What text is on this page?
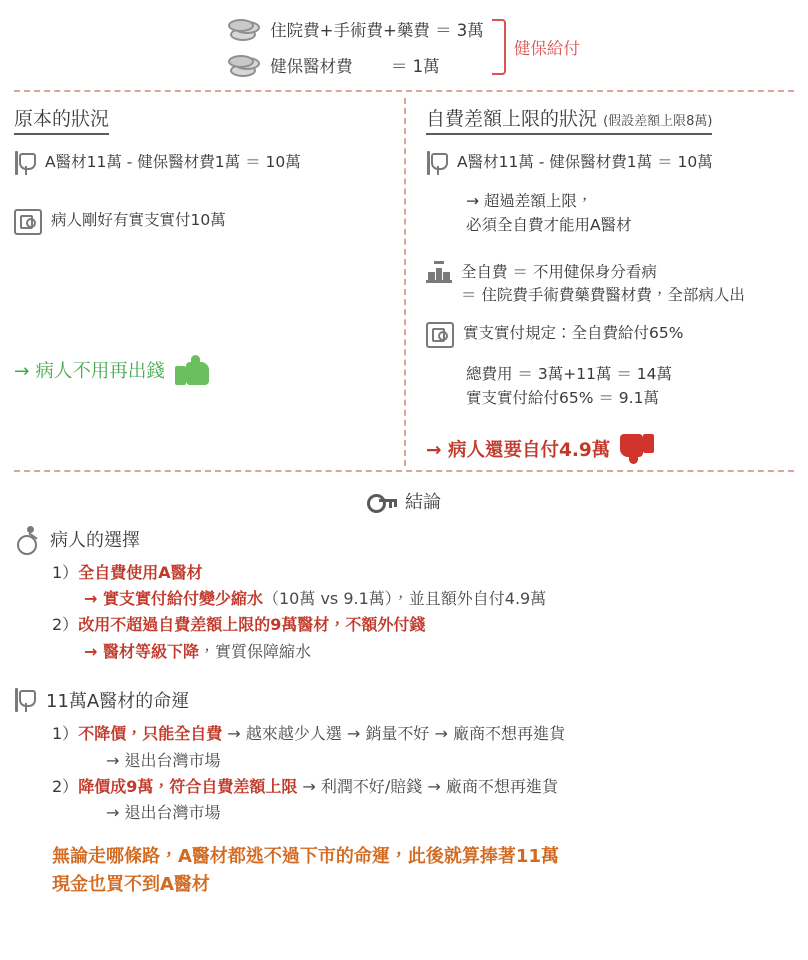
住院費+手術費+藥費 ＝ 3萬
健保醫材費　　 ＝ 1萬
健保給付
原本的狀況
A醫材11萬 - 健保醫材費1萬 ＝ 10萬
病人剛好有實支實付10萬
→ 病人不用再出錢
自費差額上限的狀況 (假設差額上限8萬)
A醫材11萬 - 健保醫材費1萬 ＝ 10萬
→ 超過差額上限，
必須全自費才能用A醫材
全自費 ＝ 不用健保身分看病
＝ 住院費手術費藥費醫材費，全部病人出
實支實付規定：全自費給付65%
總費用 ＝ 3萬+11萬 ＝ 14萬
實支實付給付65% ＝ 9.1萬
→ 病人還要自付4.9萬
結論
病人的選擇
1）全自費使用A醫材
→ 實支實付給付變少縮水（10萬 vs 9.1萬），並且額外自付4.9萬
2）改用不超過自費差額上限的9萬醫材，不額外付錢
→ 醫材等級下降，實質保障縮水
11萬A醫材的命運
1）不降價，只能全自費 → 越來越少人選 → 銷量不好 → 廠商不想再進貨
→ 退出台灣市場
2）降價成9萬，符合自費差額上限 → 利潤不好/賠錢 → 廠商不想再進貨
→ 退出台灣市場
無論走哪條路，A醫材都逃不過下市的命運，此後就算捧著11萬
現金也買不到A醫材
